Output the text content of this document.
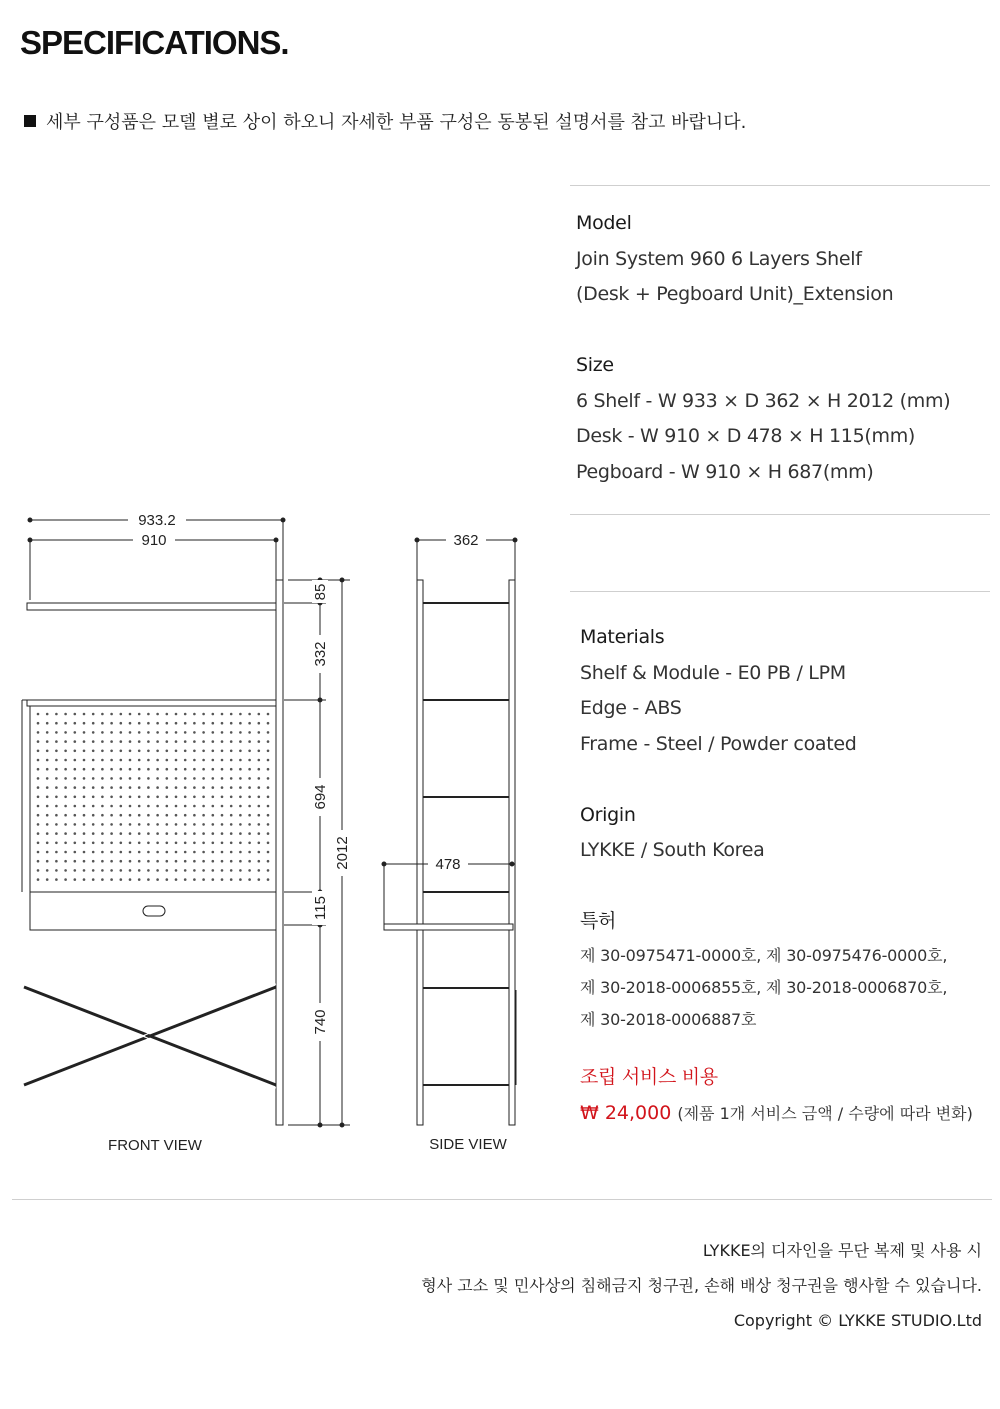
SPECIFICATIONS.
세부 구성품은 모델 별로 상이 하오니 자세한 부품 구성은 동봉된 설명서를 참고 바랍니다.
Model
Join System 960 6 Layers Shelf
(Desk + Pegboard Unit)_Extension
Size
6 Shelf - W 933 × D 362 × H 2012 (mm)
Desk - W 910 × D 478 × H 115(mm)
Pegboard - W 910 × H 687(mm)
Materials
Shelf & Module - E0 PB / LPM
Edge - ABS
Frame - Steel / Powder coated
Origin
LYKKE / South Korea
특허
제 30-0975471-0000호, 제 30-0975476-0000호,
제 30-2018-0006855호, 제 30-2018-0006870호,
제 30-2018-0006887호
조립 서비스 비용
₩ 24,000 (제품 1개 서비스 금액 / 수량에 따라 변화)
933.2
910	362
478
85
332
694
115
740
2012
FRONT VIEW	SIDE VIEW
LYKKE의 디자인을 무단 복제 및 사용 시
형사 고소 및 민사상의 침해금지 청구권, 손해 배상 청구권을 행사할 수 있습니다.
Copyright © LYKKE STUDIO.Ltd
